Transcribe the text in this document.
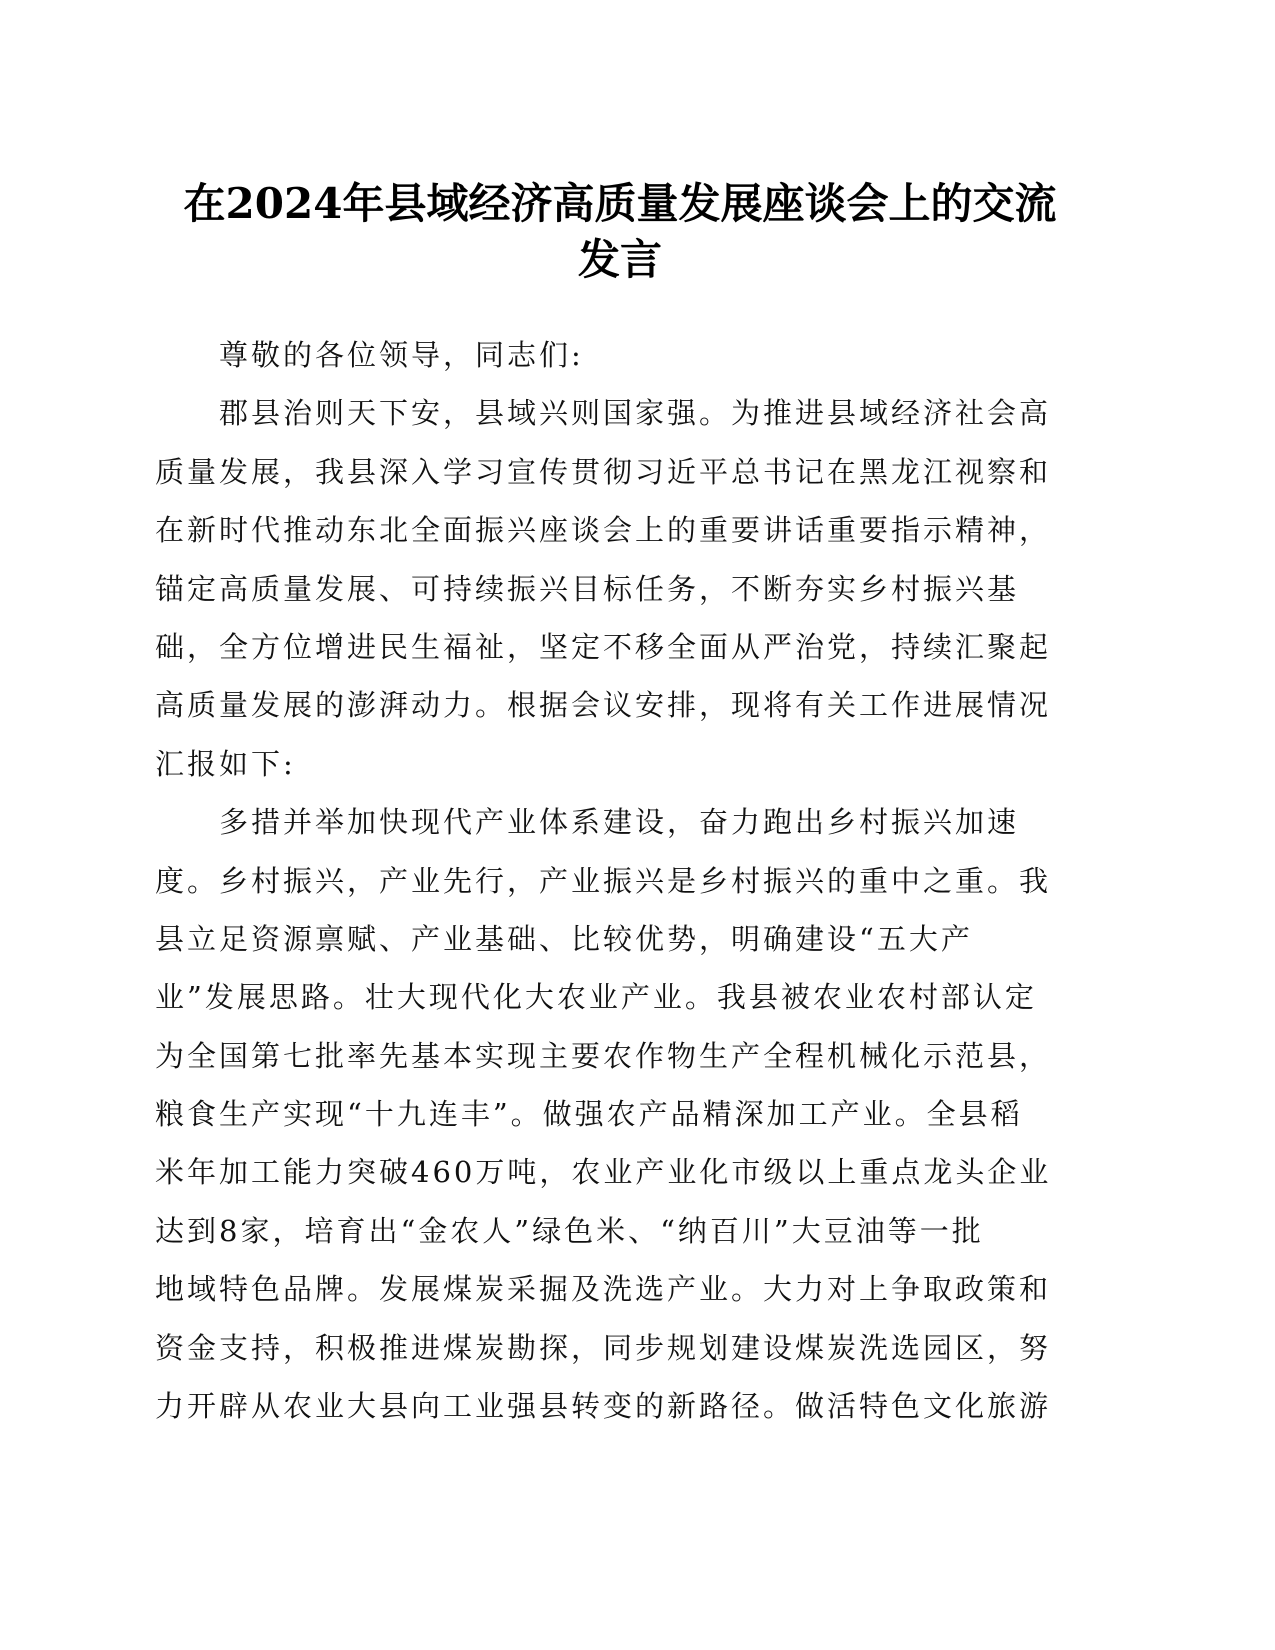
在2024年县域经济高质量发展座谈会上的交流
发言
尊敬的各位领导，同志们:
郡县治则天下安，县域兴则国家强。为推进县域经济社会高
质量发展，我县深入学习宣传贯彻习近平总书记在黑龙江视察和
在新时代推动东北全面振兴座谈会上的重要讲话重要指示精神，
锚定高质量发展、可持续振兴目标任务，不断夯实乡村振兴基
础，全方位增进民生福祉，坚定不移全面从严治党，持续汇聚起
高质量发展的澎湃动力。根据会议安排，现将有关工作进展情况
汇报如下:
多措并举加快现代产业体系建设，奋力跑出乡村振兴加速
度。乡村振兴，产业先行，产业振兴是乡村振兴的重中之重。我
县立足资源禀赋、产业基础、比较优势，明确建设“五大产
业”发展思路。壮大现代化大农业产业。我县被农业农村部认定
为全国第七批率先基本实现主要农作物生产全程机械化示范县，
粮食生产实现“十九连丰”。做强农产品精深加工产业。全县稻
米年加工能力突破460万吨，农业产业化市级以上重点龙头企业
达到8家，培育出“金农人”绿色米、“纳百川”大豆油等一批
地域特色品牌。发展煤炭采掘及洗选产业。大力对上争取政策和
资金支持，积极推进煤炭勘探，同步规划建设煤炭洗选园区，努
力开辟从农业大县向工业强县转变的新路径。做活特色文化旅游
